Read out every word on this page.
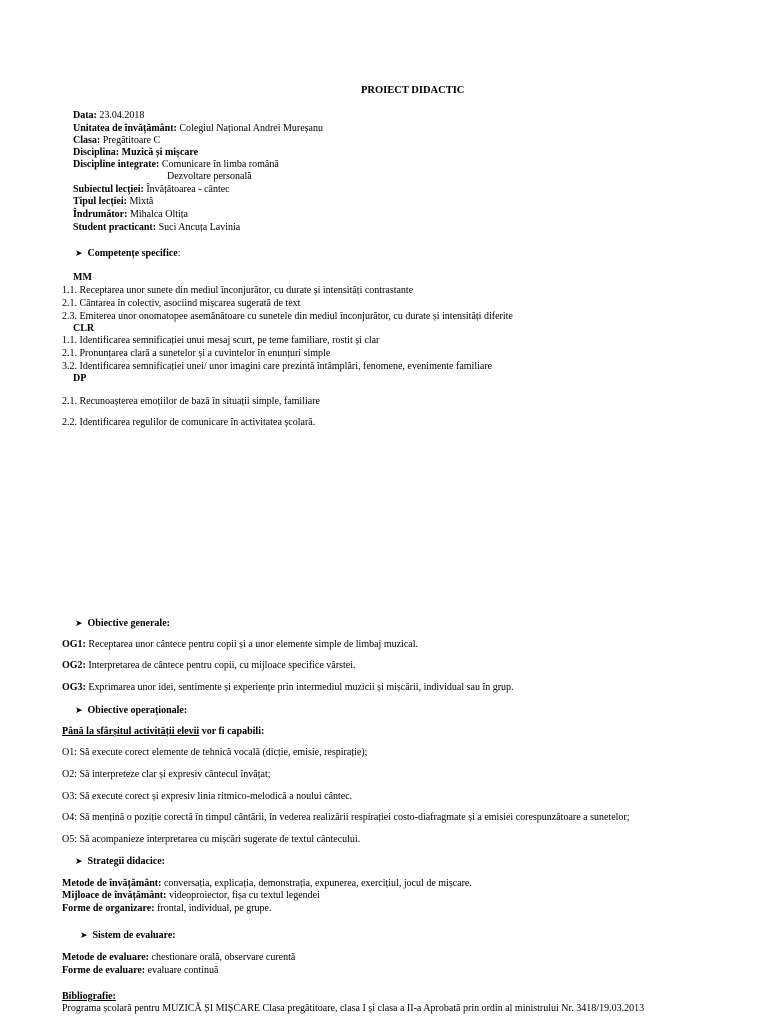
PROIECT DIDACTIC
Data: 23.04.2018
Unitatea de învățământ: Colegiul Național Andrei Mureșanu
Clasa: Pregătitoare C
Disciplina: Muzică și mișcare
Discipline integrate: Comunicare în limba română
Dezvoltare personală
Subiectul lecției: Învățătoarea - cântec
Tipul lecției: Mixtă
Îndrumător: Mihalca Oltița
Student practicant: Suci Ancuța Lavinia
➤ Competențe specifice:
MM
1.1. Receptarea unor sunete din mediul înconjurător, cu durate și intensități contrastante
2.1. Cântarea în colectiv, asociind mișcarea sugerată de text
2.3. Emiterea unor onomatopee asemănătoare cu sunetele din mediul înconjurător, cu durate și intensități diferite
CLR
1.1. Identificarea semnificației unui mesaj scurt, pe teme familiare, rostit și clar
2.1. Pronunțarea clară a sunetelor și a cuvintelor în enunțuri simple
3.2. Identificarea semnificației unei/ unor imagini care prezintă întâmplări, fenomene, evenimente familiare
DP
2.1. Recunoașterea emoțiilor de bază în situații simple, familiare
2.2. Identificarea regulilor de comunicare în activitatea școlară.
➤ Obiective generale:
OG1: Receptarea unor cântece pentru copii și a unor elemente simple de limbaj muzical.
OG2: Interpretarea de cântece pentru copii, cu mijloace specifice vârstei.
OG3: Exprimarea unor idei, sentimente și experiențe prin intermediul muzicii și mișcării, individual sau în grup.
➤ Obiective operaționale:
Până la sfârșitul activității elevii vor fi capabili:
O1: Să execute corect elemente de tehnică vocală (dicție, emisie, respirație);
O2: Să interpreteze clar și expresiv cântecul învățat;
O3: Să execute corect și expresiv linia ritmico-melodică a noului cântec.
O4: Să mențină o poziție corectă în timpul cântării, în vederea realizării respirației costo-diafragmate și a emisiei corespunzătoare a sunetelor;
O5: Să acompanieze interpretarea cu mișcări sugerate de textul cântecului.
➤ Strategii didacice:
Metode de învățământ: conversația, explicația, demonstrația, expunerea, exercițiul, jocul de mișcare.
Mijloace de învățământ: videoproiector, fișa cu textul legendei
Forme de organizare: frontal, individual, pe grupe.
➤ Sistem de evaluare:
Metode de evaluare: chestionare orală, observare curentă
Forme de evaluare: evaluare continuă
Bibliografie:
Programa școlară pentru MUZICĂ ȘI MIȘCARE Clasa pregătitoare, clasa I și clasa a II-a Aprobată prin ordin al ministrului Nr. 3418/19.03.2013
